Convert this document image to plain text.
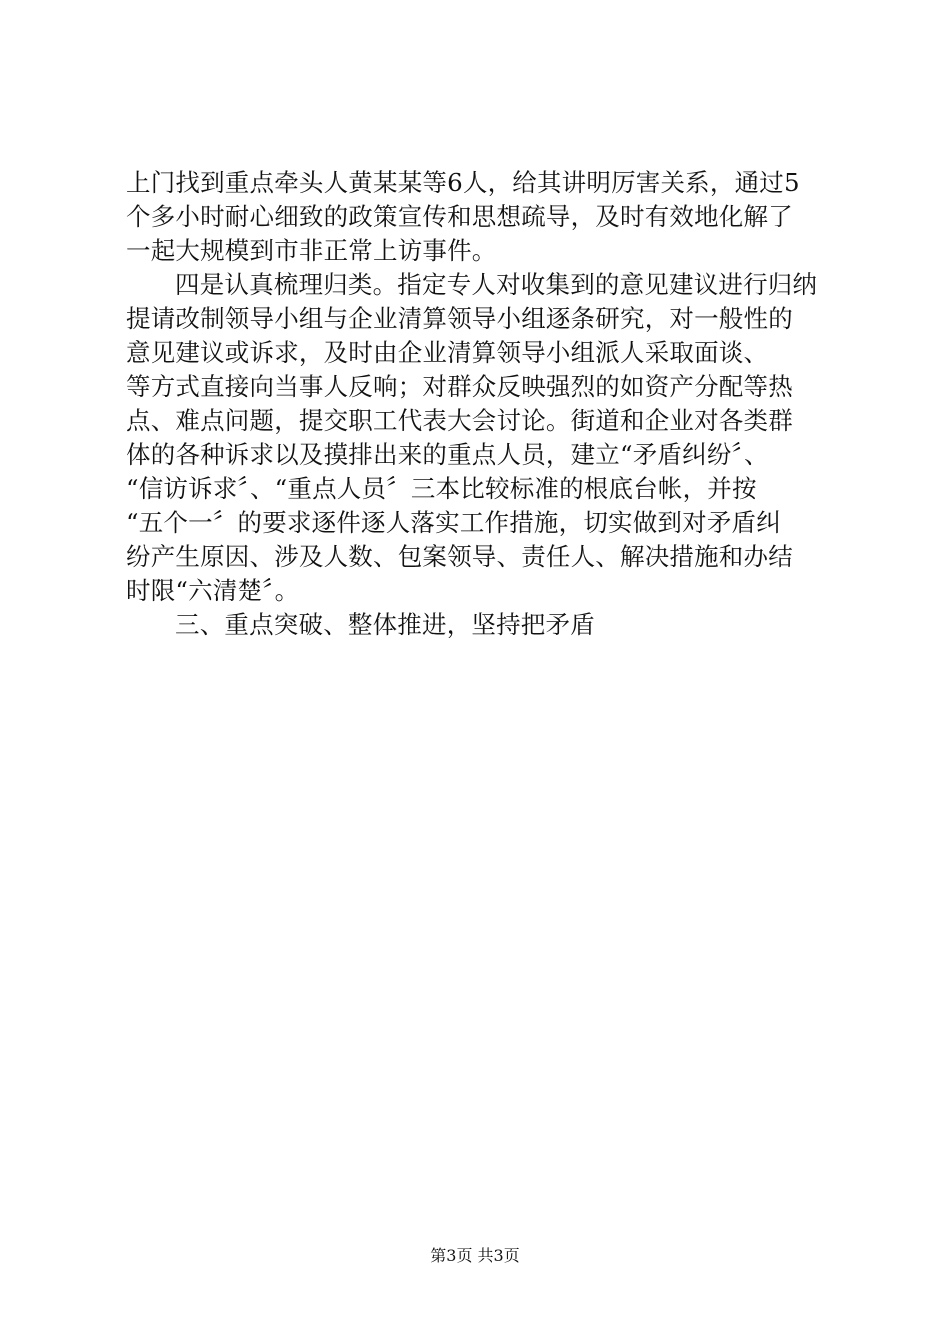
上门找到重点牵头人黄某某等6人，给其讲明厉害关系，通过5
个多小时耐心细致的政策宣传和思想疏导，及时有效地化解了
一起大规模到市非正常上访事件。
四是认真梳理归类。指定专人对收集到的意见建议进行归纳
提请改制领导小组与企业清算领导小组逐条研究，对一般性的
意见建议或诉求，及时由企业清算领导小组派人采取面谈、
等方式直接向当事人反响；对群众反映强烈的如资产分配等热
点、难点问题，提交职工代表大会讨论。街道和企业对各类群
体的各种诉求以及摸排出来的重点人员，建立“矛盾纠纷〞、
“信访诉求〞、“重点人员〞三本比较标准的根底台帐，并按
“五个一〞的要求逐件逐人落实工作措施，切实做到对矛盾纠
纷产生原因、涉及人数、包案领导、责任人、解决措施和办结
时限“六清楚〞。
三、重点突破、整体推进，坚持把矛盾
第3页 共3页
